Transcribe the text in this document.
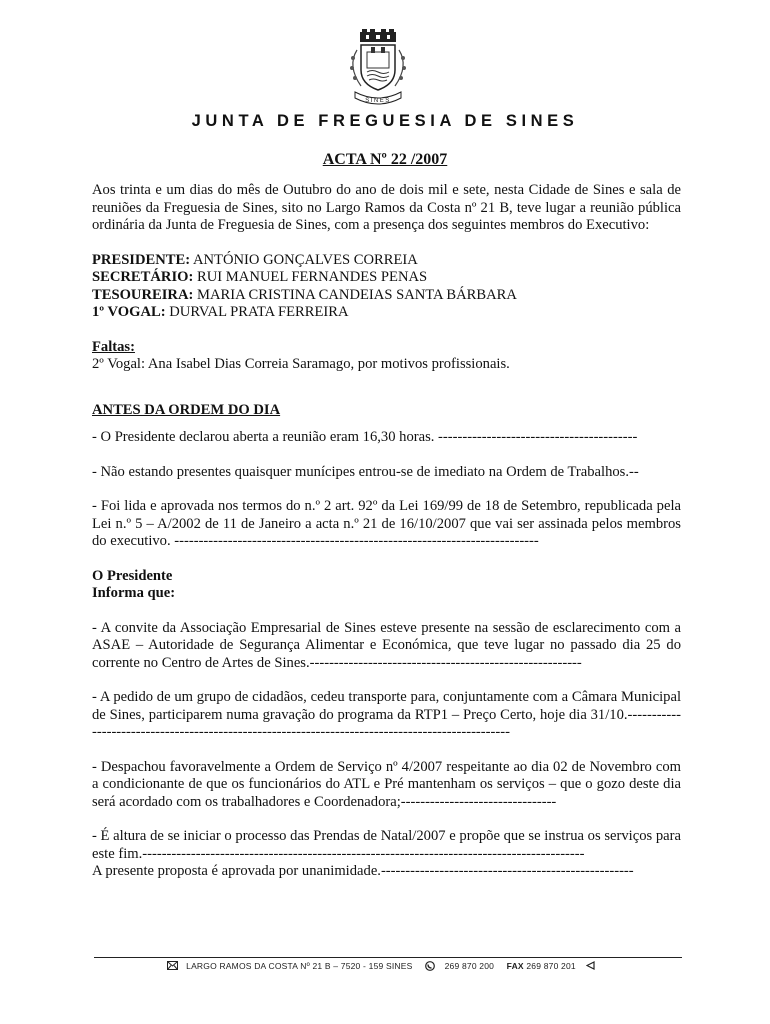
SINES
JUNTA DE FREGUESIA DE SINES
ACTA Nº 22 /2007

Aos trinta e um dias do mês de Outubro do ano de dois mil e sete, nesta Cidade de Sines e sala de reuniões da Freguesia de Sines, sito no Largo Ramos da Costa nº 21 B, teve lugar a reunião pública ordinária da Junta de Freguesia de Sines, com a presença dos seguintes membros do Executivo:

PRESIDENTE: ANTÓNIO GONÇALVES CORREIA
SECRETÁRIO: RUI MANUEL FERNANDES PENAS
TESOUREIRA: MARIA CRISTINA CANDEIAS SANTA BÁRBARA
1º VOGAL: DURVAL PRATA FERREIRA
Faltas:
2º Vogal: Ana Isabel Dias Correia Saramago, por motivos profissionais.
ANTES DA ORDEM DO DIA
- O Presidente declarou aberta a reunião eram 16,30 horas. -----------------------------------------
- Não estando presentes quaisquer munícipes entrou-se de imediato na Ordem de Trabalhos.--

- Foi lida e aprovada nos termos do n.º 2 art. 92º da Lei 169/99 de 18 de Setembro, republicada pela Lei n.º 5 – A/2002 de 11 de Janeiro a acta n.º 21 de 16/10/2007 que vai ser assinada pelos membros do executivo. ---------------------------------------------------------------------------

O Presidente
Informa que:

- A convite da Associação Empresarial de Sines esteve presente na sessão de esclarecimento com a ASAE – Autoridade de Segurança Alimentar e Económica, que teve lugar no passado dia 25 do corrente no Centro de Artes de Sines.--------------------------------------------------------

- A pedido de um grupo de cidadãos, cedeu transporte para, conjuntamente com a Câmara Municipal de Sines, participarem numa gravação do programa da RTP1 – Preço Certo, hoje dia 31/10.-------------------------------------------------------------------------------------------------

- Despachou favoravelmente a Ordem de Serviço nº 4/2007 respeitante ao dia 02 de Novembro com a condicionante de que os funcionários do ATL e Pré mantenham os serviços – que o gozo deste dia será acordado com os trabalhadores e Coordenadora;--------------------------------

- É altura de se iniciar o processo das Prendas de Natal/2007 e propõe que se instrua os serviços para este fim.-------------------------------------------------------------------------------------------

A presente proposta é aprovada por unanimidade.----------------------------------------------------
LARGO RAMOS DA COSTA Nº 21 B – 7520 - 159 SINES	269 870 200 FAX 269 870 201
